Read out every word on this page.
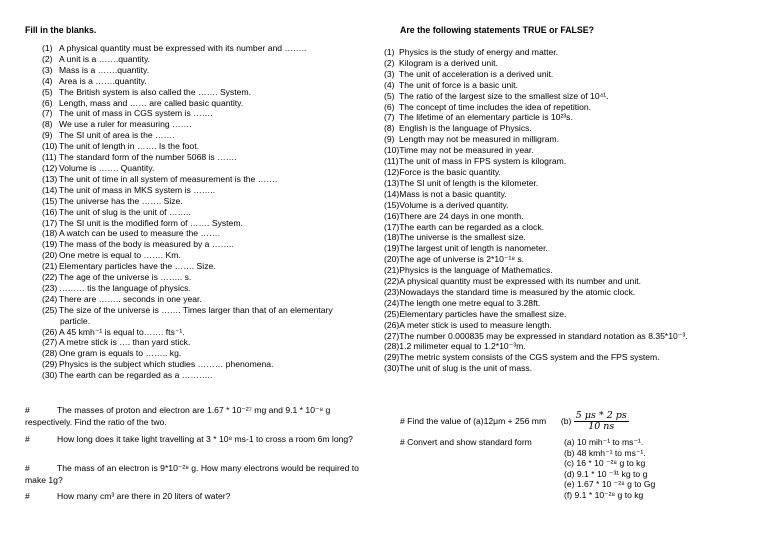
Fill in the blanks.
(1) A physical quantity must be expressed with its number and ……..
(2) A unit is a …….quantity.
(3) Mass is a …….quantity.
(4) Area is a …….quantity.
(5) The British system is also called the ……. System.
(6) Length, mass and …… are called basic quantity.
(7) The unit of mass in CGS system is …….
(8) We use a ruler for measuring …….
(9) The SI unit of area is the …….
(10) The unit of length in ……. Is the foot.
(11) The standard form of the number 5068 is …….
(12) Volume is ……. Quantity.
(13) The unit of time in all system of measurement is the …….
(14) The unit of mass in MKS system is ……..
(15) The universe has the ……. Size.
(16) The unit of slug is the unit of ……..
(17) The SI unit is the modified form of ……. System.
(18) A watch can be used to measure the …….
(19) The mass of the body is measured by a ……..
(20) One metre is equal to ……. Km.
(21) Elementary particles have the ……. Size.
(22) The age of the universe is …….. s.
(23) ……… tis the language of physics.
(24) There are …….. seconds in one year.
(25) The size of the universe is ……. Times larger than that of an elementary
particle.
(26) A 45 kmh⁻¹ is equal to……. fts⁻¹.
(27) A metre stick is …. than yard stick.
(28) One gram is equals to …….. kg.
(29) Physics is the subject which studies ……… phenomena.
(30) The earth can be regarded as a ………..
#	The masses of proton and electron are 1.67 * 10⁻²⁷ mg and 9.1 * 10⁻⁸ g respectively. Find the ratio of the two.
#	How long does it take light travelling at 3 * 10⁸ ms-1 to cross a room 6m long?
#	The mass of an electron is 9*10⁻²⁸ g. How many electrons would be required to make 1g?
#	How many cm³ are there in 20 liters of water?
Are the following statements TRUE or FALSE?
(1) Physics is the study of energy and matter.
(2) Kilogram is a derived unit.
(3) The unit of acceleration is a derived unit.
(4) The unit of force is a basic unit.
(5) The ratio of the largest size to the smallest size of 10⁴¹.
(6) The concept of time includes the idea of repetition.
(7) The lifetime of an elementary particle is 10²³s.
(8) English is the language of Physics.
(9) Length may not be measured in milligram.
(10)Time may not be measured in year.
(11)The unit of mass in FPS system is kilogram.
(12)Force is the basic quantity.
(13)The SI unit of length is the kilometer.
(14)Mass is not a basic quantity.
(15)Volume is a derived quantity.
(16)There are 24 days in one month.
(17)The earth can be regarded as a clock.
(18)The universe is the smallest size.
(19)The largest unit of length is nanometer.
(20)The age of universe is 2*10⁻¹⁸ s.
(21)Physics is the language of Mathematics.
(22)A physical quantity must be expressed with its number and unit.
(23)Nowadays the standard time is measured by the atomic clock.
(24)The length one metre equal to 3.28ft.
(25)Elementary particles have the smallest size.
(26)A meter stick is used to measure length.
(27)The number 0.000835 may be expressed in standard notation as 8.35*10⁻³.
(28)1.2 milimeter equal to 1.2*10⁻³m.
(29)The metric system consists of the CGS system and the FPS system.
(30)The unit of slug is the unit of mass.
# Find the value of (a)12μm + 256 mm $(b) \frac{5 \mu s * 2 ps}{10 ns}$
# Convert and show standard form	(a) 10 mih⁻¹ to ms⁻¹.
(b) 48 kmh⁻¹ to ms⁻¹.
(c) 16 * 10 ⁻²⁸ g to kg
(d) 9.1 * 10 ⁻³¹ kg to g
(e) 1.67 * 10 ⁻²⁸ g to Gg
(f) 9.1 * 10⁻²⁸ g to kg
